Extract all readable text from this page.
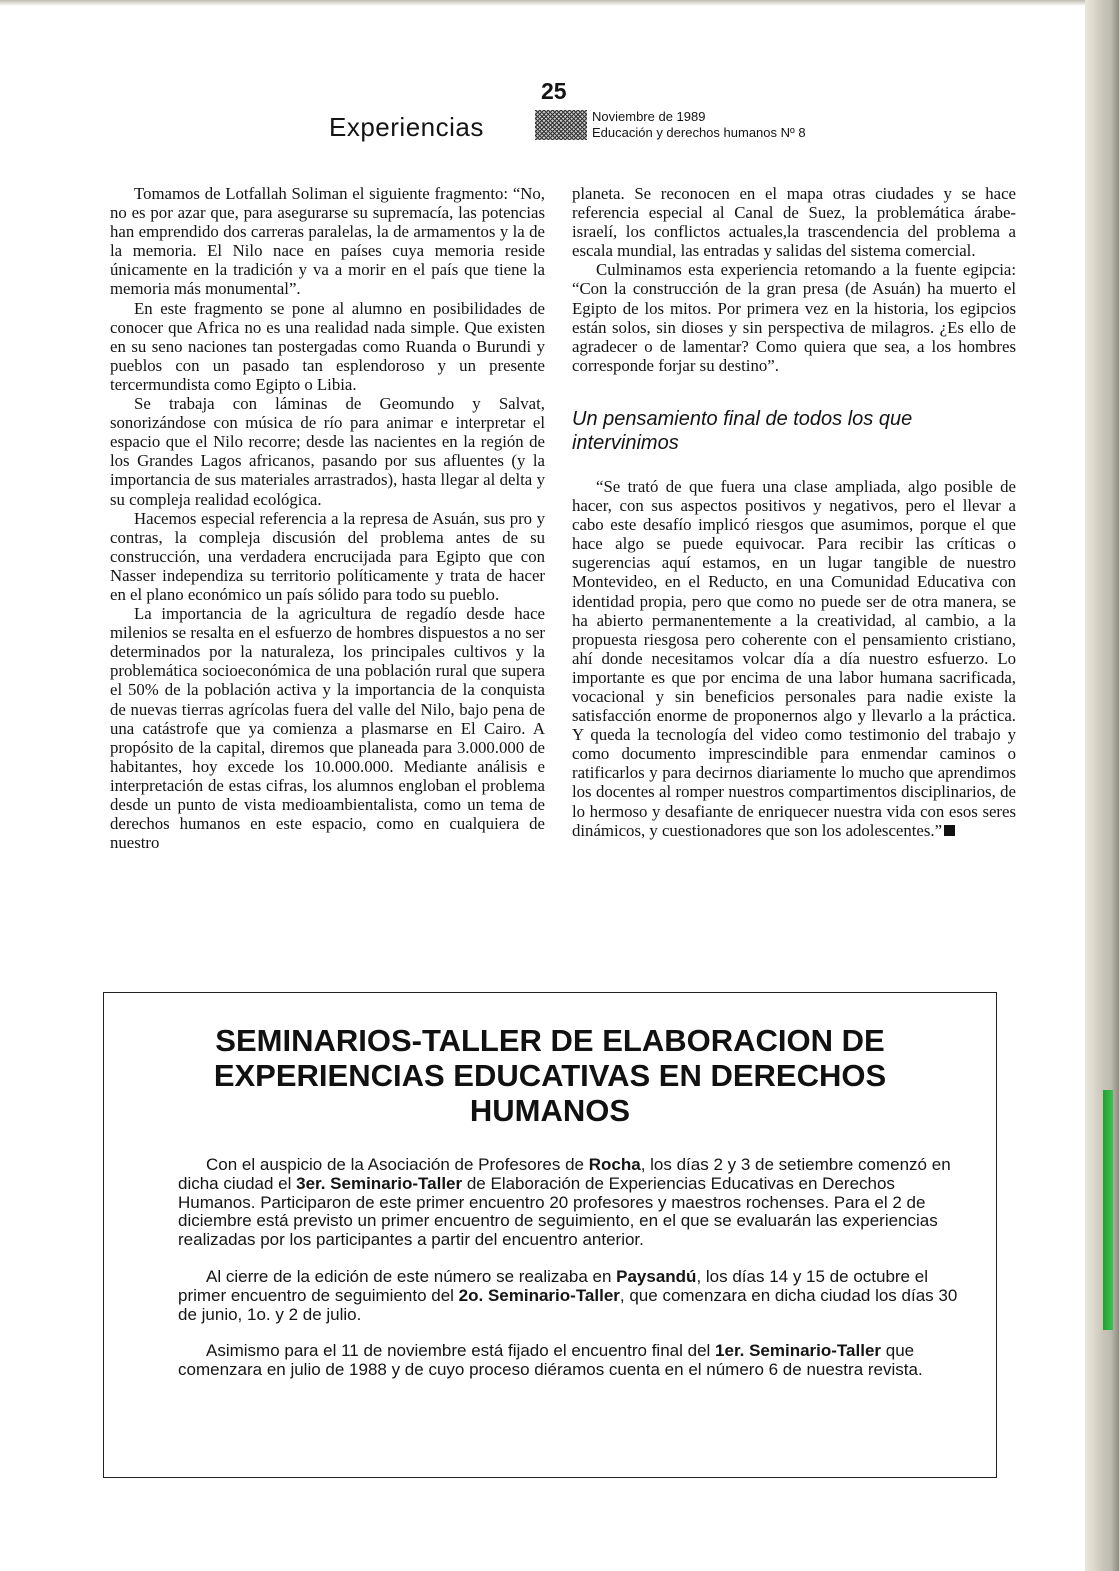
25

Experiencias	Noviembre de 1989

Educación y derechos humanos Nº 8

Tomamos de Lotfallah Soliman el siguiente fragmento: “No, no es por azar que, para asegurarse su supremacía, las potencias han emprendido dos carreras paralelas, la de armamentos y la de la memoria. El Nilo nace en países cuya memoria reside únicamente en la tradición y va a morir en el país que tiene la memoria más monumental”.

En este fragmento se pone al alumno en posibilidades de conocer que Africa no es una realidad nada simple. Que existen en su seno naciones tan postergadas como Ruanda o Burundi y pueblos con un pasado tan esplendoroso y un presente tercermundista como Egipto o Libia.

Se trabaja con láminas de Geomundo y Salvat, sonorizándose con música de río para animar e interpretar el espacio que el Nilo recorre; desde las nacientes en la región de los Grandes Lagos africanos, pasando por sus afluentes (y la importancia de sus materiales arrastrados), hasta llegar al delta y su compleja realidad ecológica.

Hacemos especial referencia a la represa de Asuán, sus pro y contras, la compleja discusión del problema antes de su construcción, una verdadera encrucijada para Egipto que con Nasser independiza su territorio políticamente y trata de hacer en el plano económico un país sólido para todo su pueblo.

La importancia de la agricultura de regadío desde hace milenios se resalta en el esfuerzo de hombres dispuestos a no ser determinados por la naturaleza, los principales cultivos y la problemática socioeconómica de una población rural que supera el 50% de la población activa y la importancia de la conquista de nuevas tierras agrícolas fuera del valle del Nilo, bajo pena de una catástrofe que ya comienza a plasmarse en El Cairo. A propósito de la capital, diremos que planeada para 3.000.000 de habitantes, hoy excede los 10.000.000. Mediante análisis e interpretación de estas cifras, los alumnos engloban el problema desde un punto de vista medioambientalista, como un tema de derechos humanos en este espacio, como en cualquiera de nuestro

planeta. Se reconocen en el mapa otras ciudades y se hace referencia especial al Canal de Suez, la problemática árabe-israelí, los conflictos actuales,la trascendencia del problema a escala mundial, las entradas y salidas del sistema comercial.

Culminamos esta experiencia retomando a la fuente egipcia: “Con la construcción de la gran presa (de Asuán) ha muerto el Egipto de los mitos. Por primera vez en la historia, los egipcios están solos, sin dioses y sin perspectiva de milagros. ¿Es ello de agradecer o de lamentar? Como quiera que sea, a los hombres corresponde forjar su destino”.

Un pensamiento final de todos los que intervinimos

“Se trató de que fuera una clase ampliada, algo posible de hacer, con sus aspectos positivos y negativos, pero el llevar a cabo este desafío implicó riesgos que asumimos, porque el que hace algo se puede equivocar. Para recibir las críticas o sugerencias aquí estamos, en un lugar tangible de nuestro Montevideo, en el Reducto, en una Comunidad Educativa con identidad propia, pero que como no puede ser de otra manera, se ha abierto permanentemente a la creatividad, al cambio, a la propuesta riesgosa pero coherente con el pensamiento cristiano, ahí donde necesitamos volcar día a día nuestro esfuerzo. Lo importante es que por encima de una labor humana sacrificada, vocacional y sin beneficios personales para nadie existe la satisfacción enorme de proponernos algo y llevarlo a la práctica. Y queda la tecnología del video como testimonio del trabajo y como documento imprescindible para enmendar caminos o ratificarlos y para decirnos diariamente lo mucho que aprendimos los docentes al romper nuestros compartimentos disciplinarios, de lo hermoso y desafiante de enriquecer nuestra vida con esos seres dinámicos, y cuestionadores que son los adolescentes.”

SEMINARIOS-TALLER DE ELABORACION DE EXPERIENCIAS EDUCATIVAS EN DERECHOS HUMANOS

Con el auspicio de la Asociación de Profesores de Rocha, los días 2 y 3 de setiembre comenzó en dicha ciudad el 3er. Seminario-Taller de Elaboración de Experiencias Educativas en Derechos Humanos. Participaron de este primer encuentro 20 profesores y maestros rochenses. Para el 2 de diciembre está previsto un primer encuentro de seguimiento, en el que se evaluarán las experiencias realizadas por los participantes a partir del encuentro anterior.

Al cierre de la edición de este número se realizaba en Paysandú, los días 14 y 15 de octubre el primer encuentro de seguimiento del 2o. Seminario-Taller, que comenzara en dicha ciudad los días 30 de junio, 1o. y 2 de julio.

Asimismo para el 11 de noviembre está fijado el encuentro final del 1er. Seminario-Taller que comenzara en julio de 1988 y de cuyo proceso diéramos cuenta en el número 6 de nuestra revista.
